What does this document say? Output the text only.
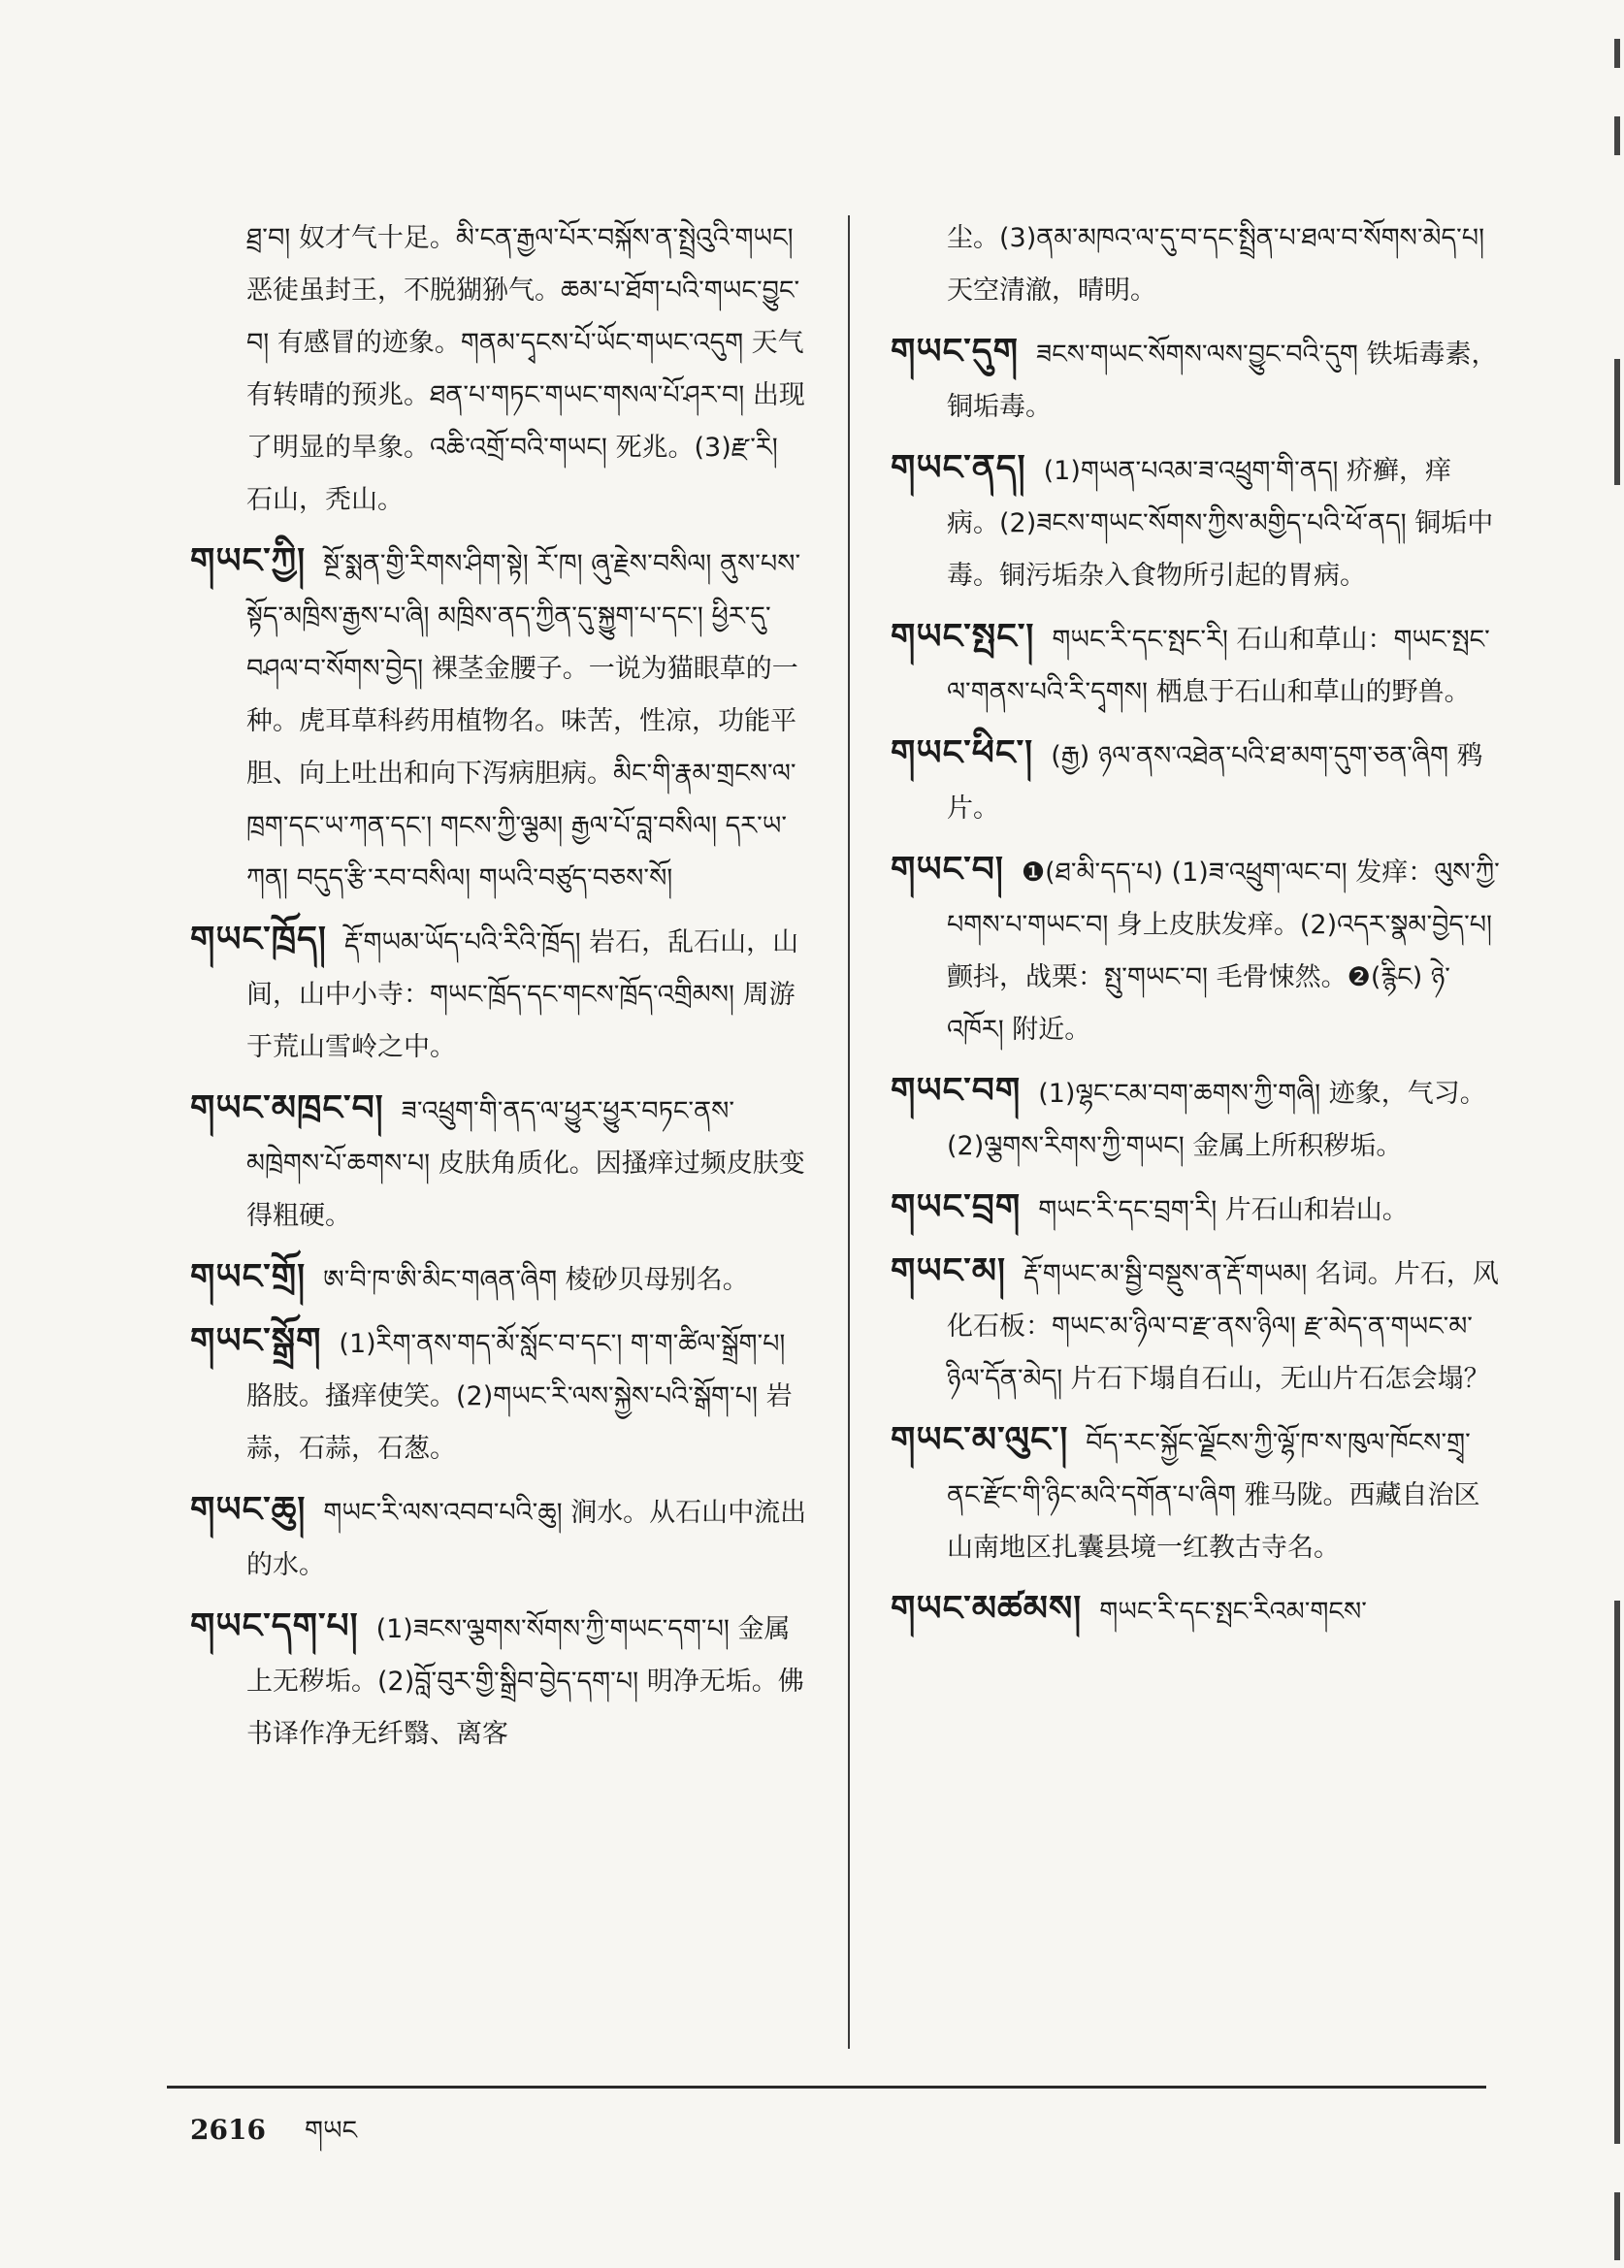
ཐྲ་བ། 奴才气十足。མི་ངན་རྒྱལ་པོར་བསྐོས་ན་སྤྲེའུའི་གཡང། 恶徒虽封王，不脱猢狲气。ཆམ་པ་ཐོག་པའི་གཡང་བྱུང་བ། 有感冒的迹象。གནམ་དྭངས་པོ་ཡོང་གཡང་འདུག 天气有转晴的预兆。ཐན་པ་གཏང་གཡང་གསལ་པོ་ཤར་བ། 出现了明显的旱象。འཆི་འགྲོ་བའི་གཡང། 死兆。(3)རྫ་རི། 石山，秃山。
གཡང་ཀྱི། སྔོ་སྨན་གྱི་རིགས་ཤིག་སྟེ། རོ་ཁ། ཞུ་རྗེས་བསིལ། ནུས་པས་སྟོད་མཁྲིས་རྒྱས་པ་ཞི། མཁྲིས་ནད་ཀྱིན་དུ་སྐྱུག་པ་དང་། ཕྱིར་དུ་བཤལ་བ་སོགས་བྱེད། 裸茎金腰子。一说为猫眼草的一种。虎耳草科药用植物名。味苦，性凉，功能平胆、向上吐出和向下泻病胆病。མིང་གི་རྣམ་གྲངས་ལ་ཁྲག་དང་ཡ་ཀན་དང་། གངས་ཀྱི་ལྕམ། རྒྱལ་པོ་བླ་བསིལ། དར་ཡ་ཀན། བདུད་རྩི་རབ་བསིལ། གཡའི་བཙུད་བཅས་སོ།
གཡང་ཁྲོད། རྡོ་གཡམ་ཡོད་པའི་རིའི་ཁྲོད། 岩石，乱石山，山间，山中小寺：གཡང་ཁྲོད་དང་གངས་ཁྲོད་འགྲིམས། 周游于荒山雪岭之中。
གཡང་མཁྲང་བ། ཟ་འཕྲུག་གི་ནད་ལ་ཕྱུར་ཕྱུར་བཏང་ནས་མཁྲེགས་པོ་ཆགས་པ། 皮肤角质化。因搔痒过频皮肤变得粗硬。
གཡང་གྲོ། ཨ་བི་ཁ་ཨི་མིང་གཞན་ཞིག 棱砂贝母别名。
གཡང་སྒྲོག (1)རིག་ནས་གད་མོ་སློང་བ་དང་། ག་ག་ཚིལ་སྒྲོག་པ། 胳肢。搔痒使笑。(2)གཡང་རི་ལས་སྐྱེས་པའི་སྒོག་པ། 岩蒜，石蒜，石葱。
གཡང་ཆུ། གཡང་རི་ལས་འབབ་པའི་ཆུ། 涧水。从石山中流出的水。
གཡང་དག་པ། (1)ཟངས་ལྕགས་སོགས་ཀྱི་གཡང་དག་པ། 金属上无秽垢。(2)བློ་བུར་གྱི་སྒྲིབ་བྱེད་དག་པ། 明净无垢。佛书译作净无纤翳、离客
尘。(3)ནམ་མཁའ་ལ་དུ་བ་དང་སྤྲིན་པ་ཐལ་བ་སོགས་མེད་པ། 天空清澈，晴明。
གཡང་དུག ཟངས་གཡང་སོགས་ལས་བྱུང་བའི་དུག 铁垢毒素，铜垢毒。
གཡང་ནད། (1)གཡན་པའམ་ཟ་འཕྲུག་གི་ནད། 疥癣，痒病。(2)ཟངས་གཡང་སོགས་ཀྱིས་མགྱིད་པའི་ཕོ་ནད། 铜垢中毒。铜污垢杂入食物所引起的胃病。
གཡང་སྤང་། གཡང་རི་དང་སྤང་རི། 石山和草山：གཡང་སྤང་ལ་གནས་པའི་རི་དྭགས། 栖息于石山和草山的野兽。
གཡང་ཕིང་། (རྒྱ) ཉལ་ནས་འཐེན་པའི་ཐ་མག་དུག་ཅན་ཞིག 鸦片。
གཡང་བ། ❶(ཐ་མི་དད་པ) (1)ཟ་འཕྲུག་ལང་བ། 发痒：ལུས་ཀྱི་པགས་པ་གཡང་བ། 身上皮肤发痒。(2)འདར་སྣམ་བྱེད་པ། 颤抖，战栗：སྤུ་གཡང་བ། 毛骨悚然。❷(རྙིང) ཉེ་འཁོར། 附近。
གཡང་བག (1)ལྷང་ངམ་བག་ཆགས་ཀྱི་གཞི། 迹象，气习。(2)ལྕགས་རིགས་ཀྱི་གཡང། 金属上所积秽垢。
གཡང་བྲག གཡང་རི་དང་བྲག་རི། 片石山和岩山。
གཡང་མ། རྡོ་གཡང་མ་སྦྱི་བསྡུས་ན་རྡོ་གཡམ། 名词。片石，风化石板：གཡང་མ་ཉིལ་བ་རྫ་ནས་ཉིལ། རྫ་མེད་ན་གཡང་མ་ཉིལ་དོན་མེད། 片石下塌自石山，无山片石怎会塌？
གཡང་མ་ལུང་། བོད་རང་སྐྱོང་ལྗོངས་ཀྱི་ལྷོ་ཁ་ས་ཁུལ་ཁོངས་གྲྭ་ནང་རྫོང་གི་ཉིང་མའི་དགོན་པ་ཞིག 雅马陇。西藏自治区山南地区扎囊县境一红教古寺名。
གཡང་མཚམས། གཡང་རི་དང་སྤང་རིའམ་གངས་
2616 གཡང
